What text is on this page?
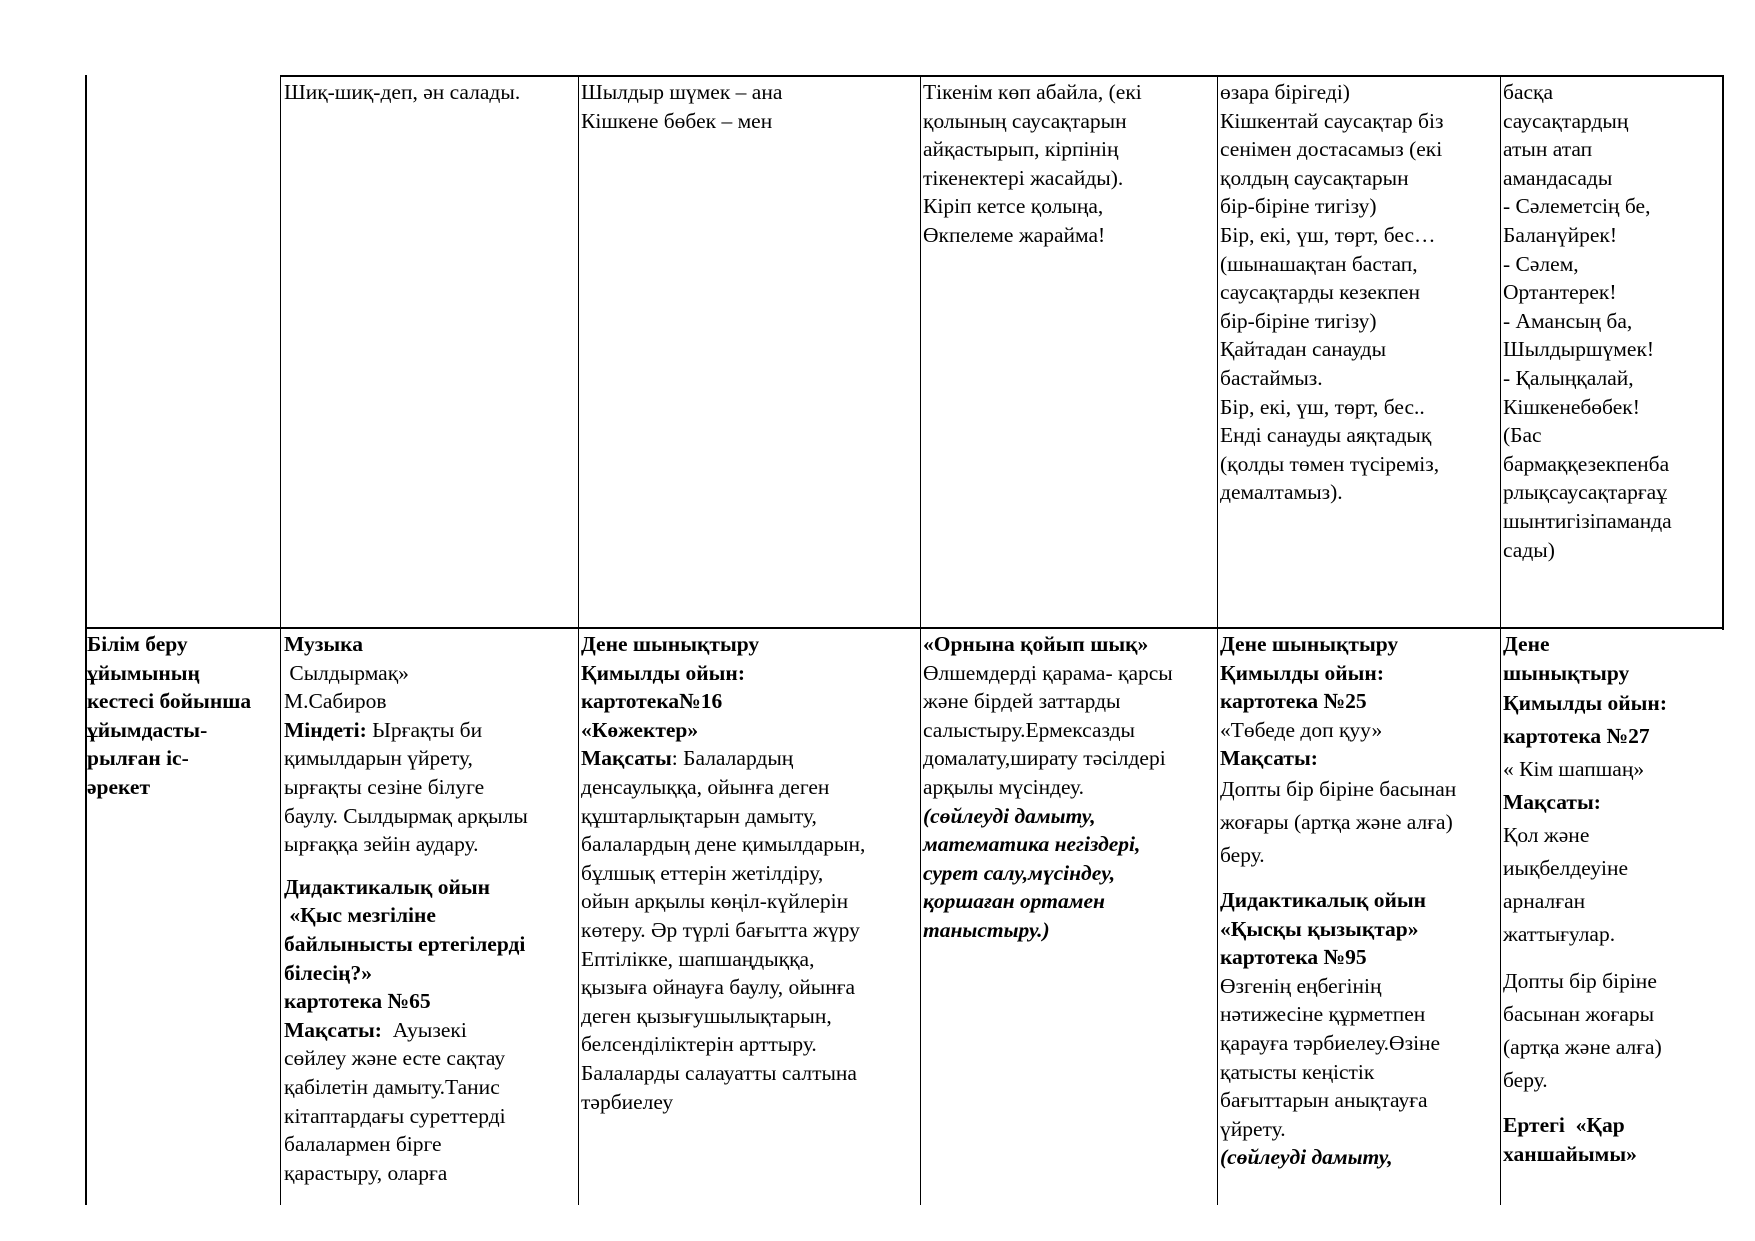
Шиқ-шиқ-деп, ән салады.	Шылдыр шүмек – ана
Кішкене бөбек – мен
Тікенім көп абайла, (екі
қолының саусақтарын
айқастырып, кірпінің
тікенектері жасайды).
Кіріп кетсе қолыңа,
Өкпелеме жарайма!
өзара бірігеді)
Кішкентай саусақтар біз
сенімен достасамыз (екі
қолдың саусақтарын
бір-біріне тигізу)
Бір, екі, үш, төрт, бес…
(шынашақтан бастап,
саусақтарды кезекпен
бір-біріне тигізу)
Қайтадан санауды
бастаймыз.
Бір, екі, үш, төрт, бес..
Енді санауды аяқтадық
(қолды төмен түсіреміз,
демалтамыз).
басқа
саусақтардың
атын атап
амандасады
- Сәлеметсің бе,
Баланүйрек!
- Сәлем,
Ортантерек!
- Амансың ба,
Шылдыршүмек!
- Қалыңқалай,
Кішкенебөбек!
(Бас
бармаққезекпенба
рлықсаусақтарғаұ
шынтигізіпамандa
сады)
Білім беру
ұйымының
кестесі бойынша
ұйымдасты-
рылған іс-
әрекет
Музыка
Сылдырмақ»
М.Сабиров
Міндеті: Ырғақты би
қимылдарын үйрету,
ырғақты сезіне білуге
баулу. Сылдырмақ арқылы
ырғаққа зейін аудару.
Дидактикалық ойын
«Қыс мезгіліне
байлынысты ертегілерді
білесің?»
картотека №65
Мақсаты:  Ауызекі
сөйлеу және есте сақтау
қабілетін дамыту.Танис
кітаптардағы суреттерді
балалармен бірге
қарастыру, оларға
Дене шынықтыру
Қимылды ойын:
картотека№16
«Көжектер»
Мақсаты: Балалардың
денсаулыққа, ойынға деген
құштарлықтарын дамыту,
балалардың дене қимылдарын,
бұлшық еттерін жетілдіру,
ойын арқылы көңіл-күйлерін
көтеру. Әр түрлі бағытта жүру
Ептілікке, шапшаңдыққа,
қызыға ойнауға баулу, ойынға
деген қызығушылықтарын,
белсенділіктерін арттыру.
Балаларды салауатты салтына
тәрбиелеу
«Орнына қойып шық»
Өлшемдерді қарама- қарсы
және бірдей заттарды
салыстыру.Ермексазды
домалату,ширату тәсілдері
арқылы мүсіндеу.
(сөйлеуді дамыту,
математика негіздері,
сурет салу,мүсіндеу,
қоршаған ортамен
таныстыру.)
Дене шынықтыру
Қимылды ойын:
картотека №25
«Төбеде доп қуу»
Мақсаты:
Допты бір біріне басынан
жоғары (артқа және алға)
беру.
Дидактикалық ойын
«Қысқы қызықтар»
картотека №95
Өзгенің еңбегінің
нәтижесіне құрметпен
қарауға тәрбиелеу.Өзіне
қатысты кеңістік
бағыттарын анықтауға
үйрету.
(сөйлеуді дамыту,
Дене
шынықтыру
Қимылды ойын:
картотека №27
« Кім шапшаң»
Мақсаты:
Қол және
иықбелдеуіне
арналған
жаттығулар.
Допты бір біріне
басынан жоғары
(артқа және алға)
беру.
Ертегі  «Қар
ханшайымы»
